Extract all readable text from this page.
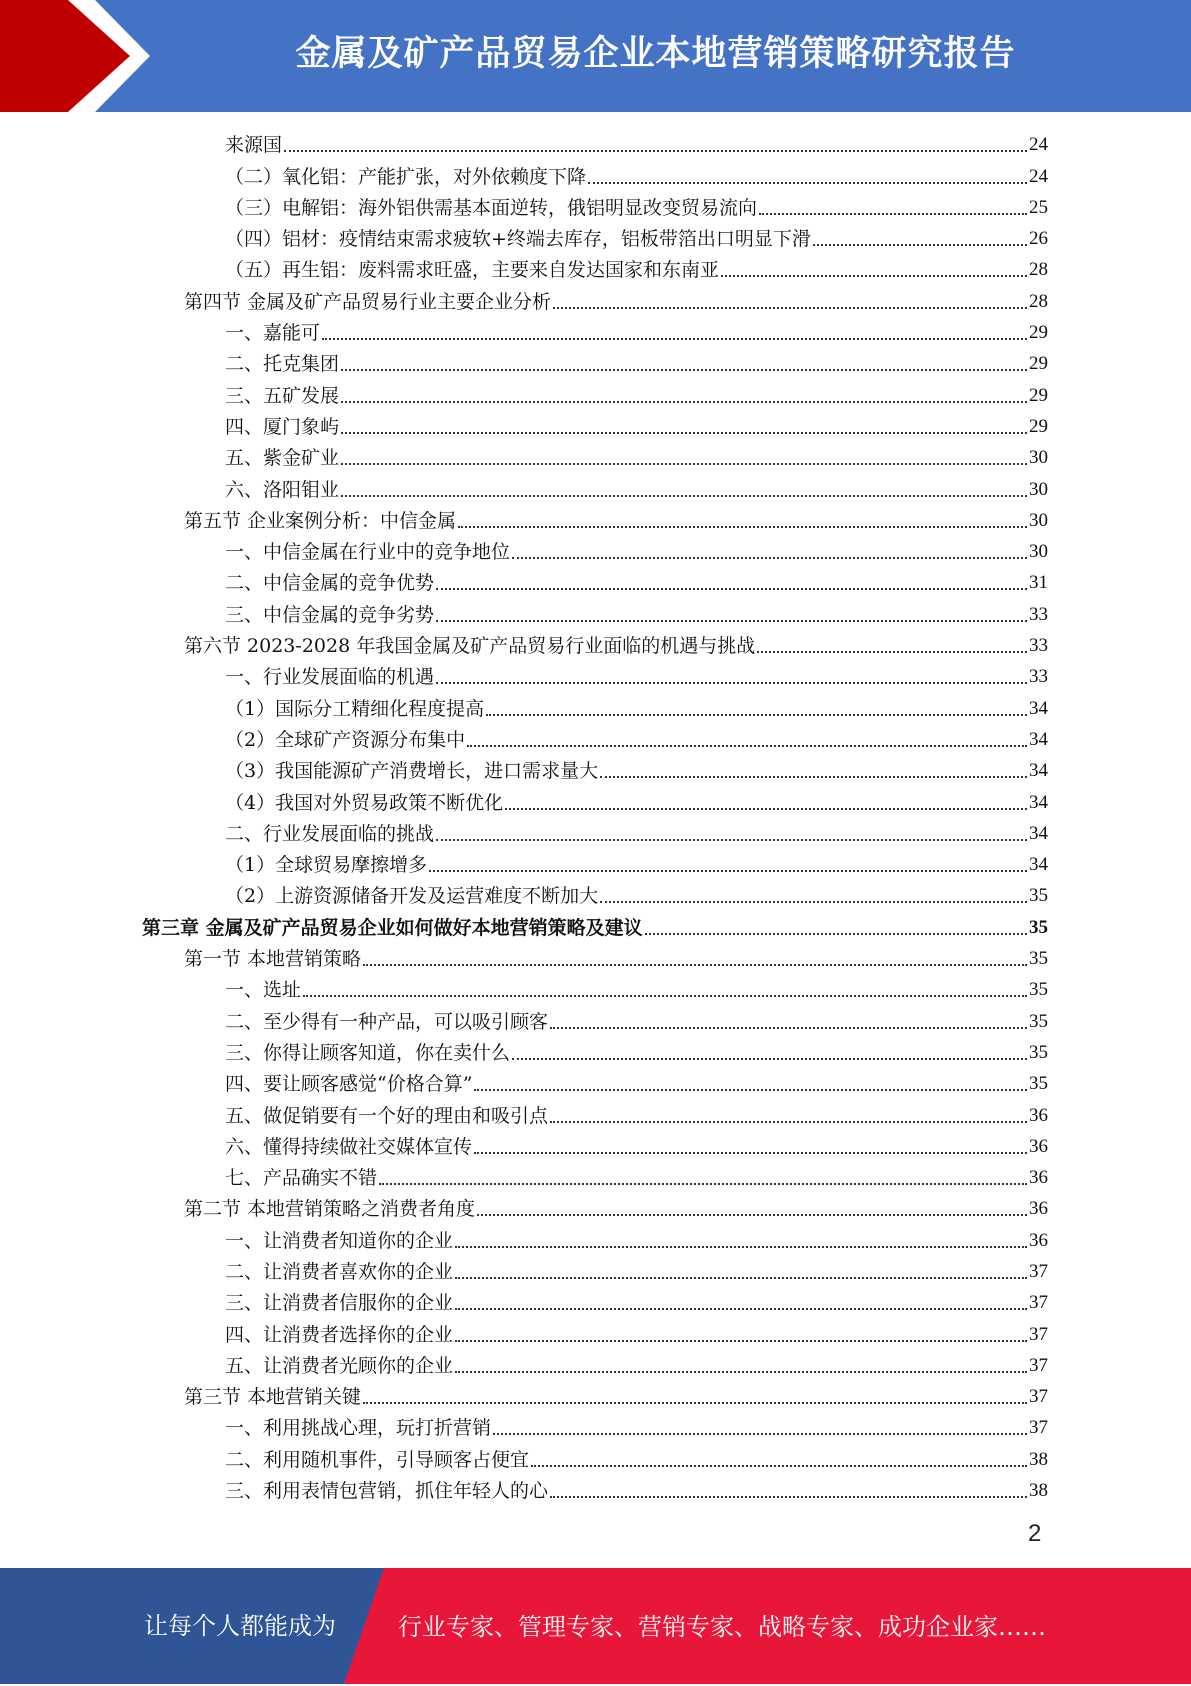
金属及矿产品贸易企业本地营销策略研究报告
来源国	24
（二）氧化铝：产能扩张，对外依赖度下降	24
（三）电解铝：海外铝供需基本面逆转，俄铝明显改变贸易流向	25
（四）铝材：疫情结束需求疲软+终端去库存，铝板带箔出口明显下滑	26
（五）再生铝：废料需求旺盛，主要来自发达国家和东南亚	28
第四节 金属及矿产品贸易行业主要企业分析	28
一、嘉能可	29
二、托克集团	29
三、五矿发展	29
四、厦门象屿	29
五、紫金矿业	30
六、洛阳钼业	30
第五节 企业案例分析：中信金属	30
一、中信金属在行业中的竞争地位	30
二、中信金属的竞争优势	31
三、中信金属的竞争劣势	33
第六节 2023-2028 年我国金属及矿产品贸易行业面临的机遇与挑战	33
一、行业发展面临的机遇	33
（1）国际分工精细化程度提高	34
（2）全球矿产资源分布集中	34
（3）我国能源矿产消费增长，进口需求量大	34
（4）我国对外贸易政策不断优化	34
二、行业发展面临的挑战	34
（1）全球贸易摩擦增多	34
（2）上游资源储备开发及运营难度不断加大	35
第三章 金属及矿产品贸易企业如何做好本地营销策略及建议	35
第一节 本地营销策略	35
一、选址	35
二、至少得有一种产品，可以吸引顾客	35
三、你得让顾客知道，你在卖什么	35
四、要让顾客感觉“价格合算”	35
五、做促销要有一个好的理由和吸引点	36
六、懂得持续做社交媒体宣传	36
七、产品确实不错	36
第二节 本地营销策略之消费者角度	36
一、让消费者知道你的企业	36
二、让消费者喜欢你的企业	37
三、让消费者信服你的企业	37
四、让消费者选择你的企业	37
五、让消费者光顾你的企业	37
第三节 本地营销关键	37
一、利用挑战心理，玩打折营销	37
二、利用随机事件，引导顾客占便宜	38
三、利用表情包营销，抓住年轻人的心	38
2
让每个人都能成为	行业专家、管理专家、营销专家、战略专家、成功企业家……
